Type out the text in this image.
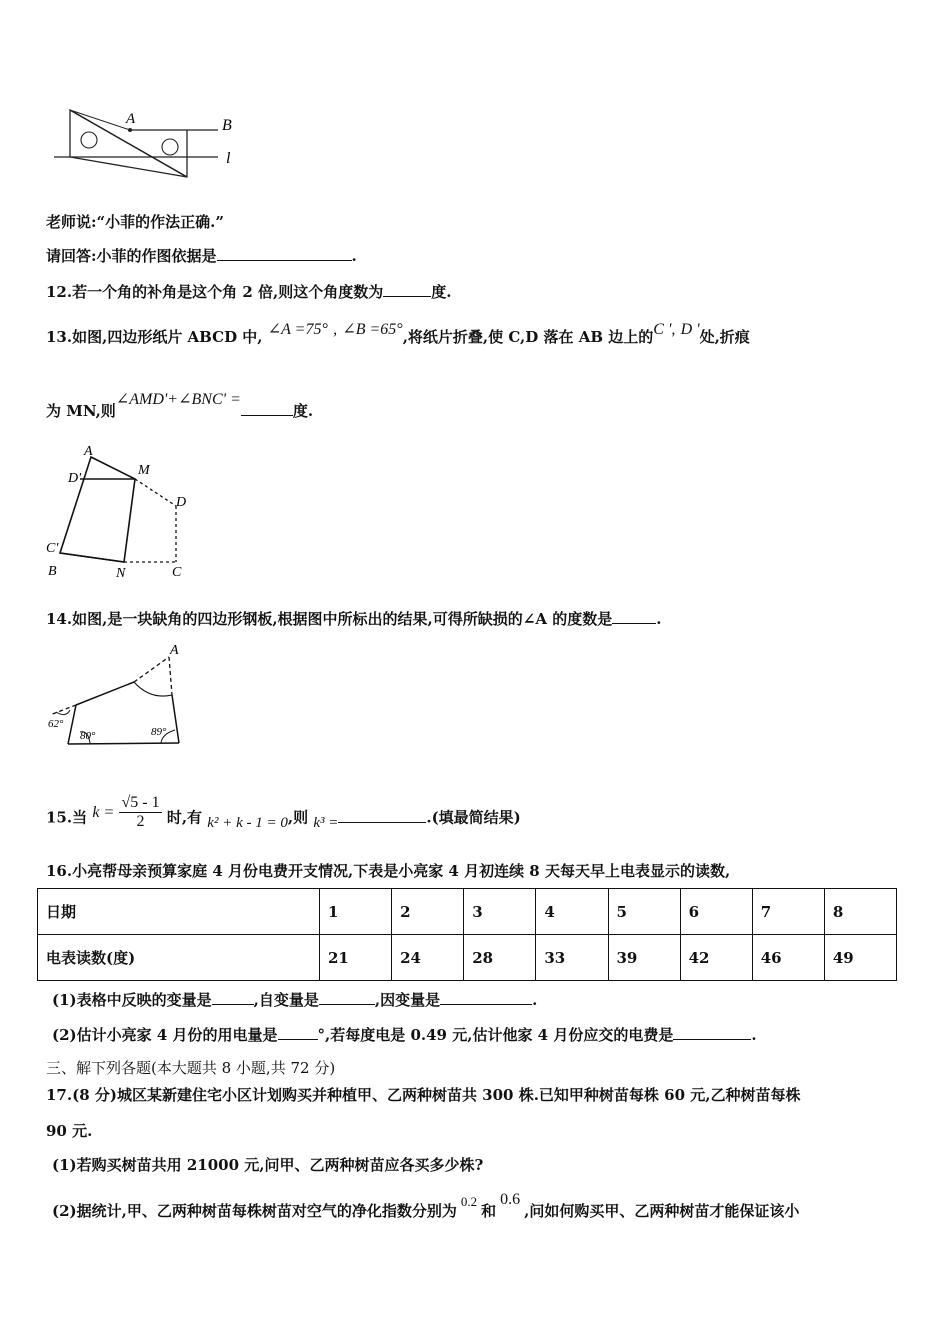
A	B
l
老师说:“小菲的作法正确.”
请回答:小菲的作图依据是	.
12.若一个角的补角是这个角 2 倍,则这个角度数为	度.
13.如图,四边形纸片 ABCD 中, ∠A =75° , ∠B =65°,将纸片折叠,使 C,D 落在 AB 边上的C ', D '处,折痕
为 MN,则∠AMD'+∠BNC' =度.
A
D'
M
D
C'
B	N	C
14.如图,是一块缺角的四边形钢板,根据图中所标出的结果,可得所缺损的∠A 的度数是	.
A
62°
80°	89°
15.当 $k = \frac{√5 - 1}{2}$ 时,有 k² + k - 1 = 0,则 k³ =	.(填最简结果)
16.小亮帮母亲预算家庭 4 月份电费开支情况,下表是小亮家 4 月初连续 8 天每天早上电表显示的读数,
日期	1	2	3	4	5	6	7	8
电表读数(度)	21	24	28	33	39	42	46	49
(1)表格中反映的变量是	,自变量是	,因变量是	.
(2)估计小亮家 4 月份的用电量是	°,若每度电是 0.49 元,估计他家 4 月份应交的电费是	.
三、解下列各题(本大题共 8 小题,共 72 分)
17.(8 分)城区某新建住宅小区计划购买并种植甲、乙两种树苗共 300 株.已知甲种树苗每株 60 元,乙种树苗每株
90 元.
(1)若购买树苗共用 21000 元,问甲、乙两种树苗应各买多少株?
(2)据统计,甲、乙两种树苗每株树苗对空气的净化指数分别为0.2和0.6,问如何购买甲、乙两种树苗才能保证该小
